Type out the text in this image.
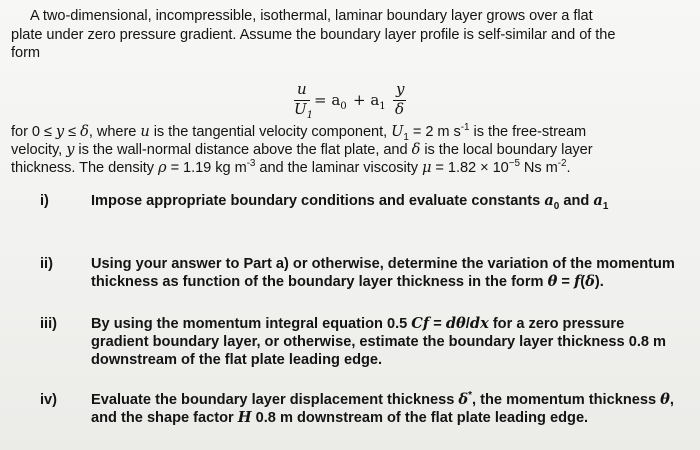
A two-dimensional, incompressible, isothermal, laminar boundary layer grows over a flat
plate under zero pressure gradient. Assume the boundary layer profile is self-similar and of the
form
u
$U_1$
= $a_0 + a_1$
y
δ
for 0 ≤ y ≤ δ, where u is the tangential velocity component, $U_1 = 2$ m $s^{-1}$ is the free-stream
velocity, y is the wall-normal distance above the flat plate, and δ is the local boundary layer
thickness. The density ρ = 1.19 kg $m^{-3}$ and the laminar viscosity $\mu = 1.82 \times 10^{-5}$ Ns $m^{-2}$.
i)	Impose appropriate boundary conditions and evaluate constants $a_0$ and $a_1$
ii)	Using your answer to Part a) or otherwise, determine the variation of the momentum
thickness as function of the boundary layer thickness in the form θ = f(δ).
iii) By using the momentum integral equation 0.5 Cf = dθ/dx for a zero pressure
gradient boundary layer, or otherwise, estimate the boundary layer thickness 0.8 m
downstream of the flat plate leading edge.
iv) Evaluate the boundary layer displacement thickness δ*, the momentum thickness θ,
and the shape factor H 0.8 m downstream of the flat plate leading edge.
